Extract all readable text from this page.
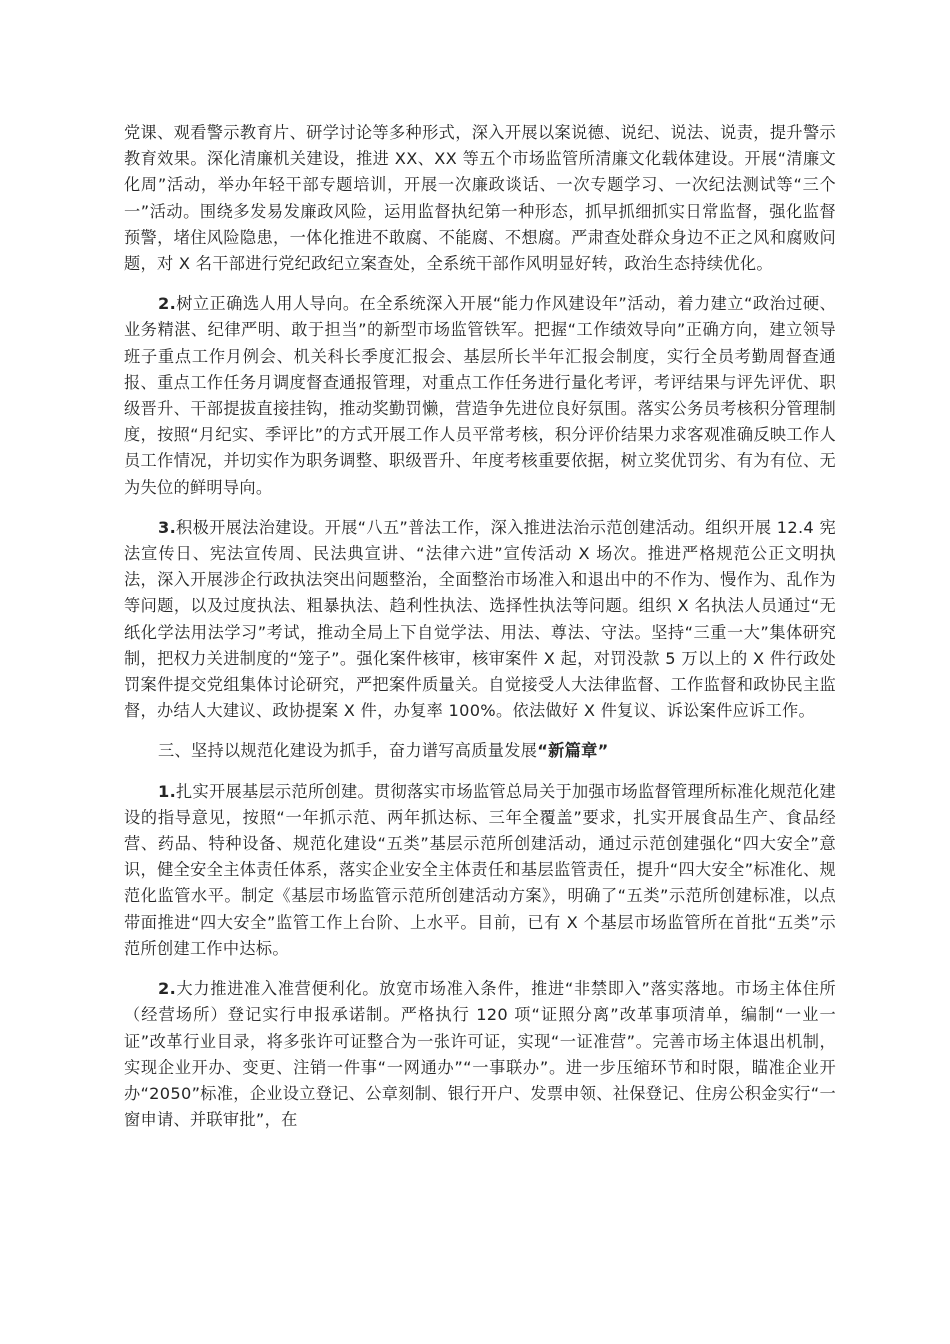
党课、观看警示教育片、研学讨论等多种形式，深入开展以案说德、说纪、说法、说责，提升警示教育效果。深化清廉机关建设，推进 XX、XX 等五个市场监管所清廉文化载体建设。开展“清廉文化周”活动，举办年轻干部专题培训，开展一次廉政谈话、一次专题学习、一次纪法测试等“三个一”活动。围绕多发易发廉政风险，运用监督执纪第一种形态，抓早抓细抓实日常监督，强化监督预警，堵住风险隐患，一体化推进不敢腐、不能腐、不想腐。严肃查处群众身边不正之风和腐败问题，对 X 名干部进行党纪政纪立案查处，全系统干部作风明显好转，政治生态持续优化。

2.树立正确选人用人导向。在全系统深入开展“能力作风建设年”活动，着力建立“政治过硬、业务精湛、纪律严明、敢于担当”的新型市场监管铁军。把握“工作绩效导向”正确方向，建立领导班子重点工作月例会、机关科长季度汇报会、基层所长半年汇报会制度，实行全员考勤周督查通报、重点工作任务月调度督查通报管理，对重点工作任务进行量化考评，考评结果与评先评优、职级晋升、干部提拔直接挂钩，推动奖勤罚懒，营造争先进位良好氛围。落实公务员考核积分管理制度，按照“月纪实、季评比”的方式开展工作人员平常考核，积分评价结果力求客观准确反映工作人员工作情况，并切实作为职务调整、职级晋升、年度考核重要依据，树立奖优罚劣、有为有位、无为失位的鲜明导向。

3.积极开展法治建设。开展“八五”普法工作，深入推进法治示范创建活动。组织开展 12.4 宪法宣传日、宪法宣传周、民法典宣讲、“法律六进”宣传活动 X 场次。推进严格规范公正文明执法，深入开展涉企行政执法突出问题整治，全面整治市场准入和退出中的不作为、慢作为、乱作为等问题，以及过度执法、粗暴执法、趋利性执法、选择性执法等问题。组织 X 名执法人员通过“无纸化学法用法学习”考试，推动全局上下自觉学法、用法、尊法、守法。坚持“三重一大”集体研究制，把权力关进制度的“笼子”。强化案件核审，核审案件 X 起，对罚没款 5 万以上的 X 件行政处罚案件提交党组集体讨论研究，严把案件质量关。自觉接受人大法律监督、工作监督和政协民主监督，办结人大建议、政协提案 X 件，办复率 100%。依法做好 X 件复议、诉讼案件应诉工作。

三、坚持以规范化建设为抓手，奋力谱写高质量发展“新篇章”

1.扎实开展基层示范所创建。贯彻落实市场监管总局关于加强市场监督管理所标准化规范化建设的指导意见，按照“一年抓示范、两年抓达标、三年全覆盖”要求，扎实开展食品生产、食品经营、药品、特种设备、规范化建设“五类”基层示范所创建活动，通过示范创建强化“四大安全”意识，健全安全主体责任体系，落实企业安全主体责任和基层监管责任，提升“四大安全”标准化、规范化监管水平。制定《基层市场监管示范所创建活动方案》，明确了“五类”示范所创建标准，以点带面推进“四大安全”监管工作上台阶、上水平。目前，已有 X 个基层市场监管所在首批“五类”示范所创建工作中达标。

2.大力推进准入准营便利化。放宽市场准入条件，推进“非禁即入”落实落地。市场主体住所（经营场所）登记实行申报承诺制。严格执行 120 项“证照分离”改革事项清单，编制“一业一证”改革行业目录，将多张许可证整合为一张许可证，实现“一证准营”。完善市场主体退出机制，实现企业开办、变更、注销一件事“一网通办”“一事联办”。进一步压缩环节和时限，瞄准企业开办“2050”标准，企业设立登记、公章刻制、银行开户、发票申领、社保登记、住房公积金实行“一窗申请、并联审批”，在
